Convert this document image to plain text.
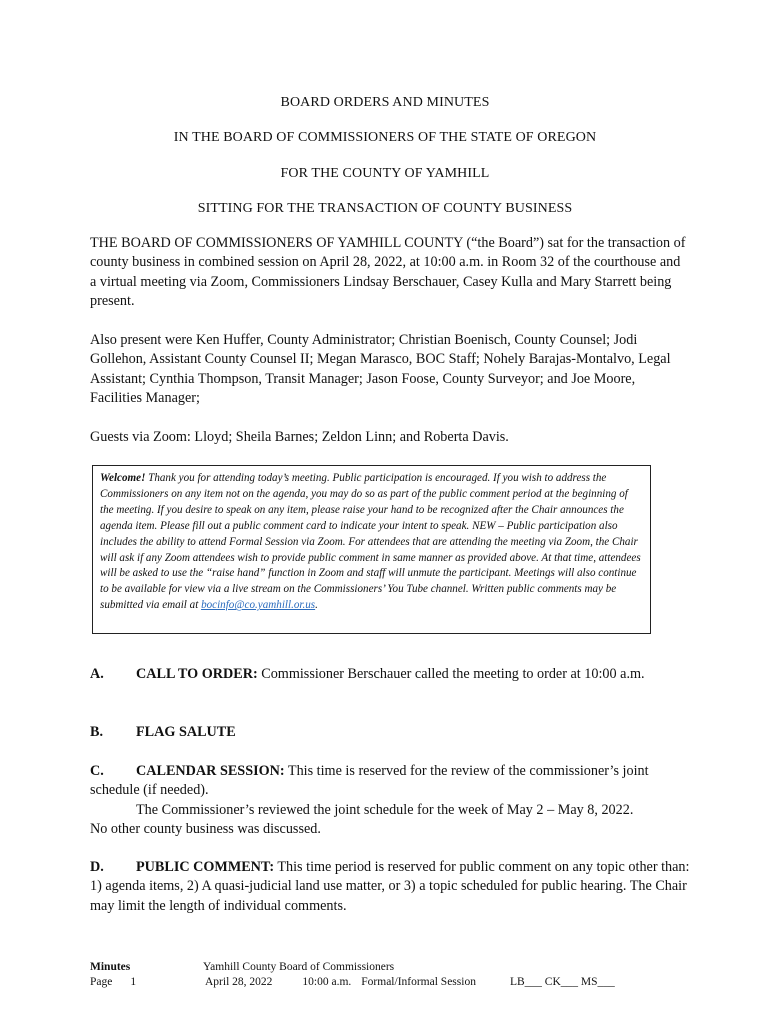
BOARD ORDERS AND MINUTES
IN THE BOARD OF COMMISSIONERS OF THE STATE OF OREGON
FOR THE COUNTY OF YAMHILL
SITTING FOR THE TRANSACTION OF COUNTY BUSINESS

THE BOARD OF COMMISSIONERS OF YAMHILL COUNTY (“the Board”) sat for the transaction of county business in combined session on April 28, 2022, at 10:00 a.m. in Room 32 of the courthouse and a virtual meeting via Zoom, Commissioners Lindsay Berschauer, Casey Kulla and Mary Starrett being present.

Also present were Ken Huffer, County Administrator; Christian Boenisch, County Counsel; Jodi Gollehon, Assistant County Counsel II; Megan Marasco, BOC Staff; Nohely Barajas-Montalvo, Legal Assistant; Cynthia Thompson, Transit Manager; Jason Foose, County Surveyor; and Joe Moore, Facilities Manager;

Guests via Zoom: Lloyd; Sheila Barnes; Zeldon Linn; and Roberta Davis.

Welcome! Thank you for attending today’s meeting. Public participation is encouraged. If you wish to address the Commissioners on any item not on the agenda, you may do so as part of the public comment period at the beginning of the meeting. If you desire to speak on any item, please raise your hand to be recognized after the Chair announces the agenda item. Please fill out a public comment card to indicate your intent to speak. NEW – Public participation also includes the ability to attend Formal Session via Zoom. For attendees that are attending the meeting via Zoom, the Chair will ask if any Zoom attendees wish to provide public comment in same manner as provided above. At that time, attendees will be asked to use the “raise hand” function in Zoom and staff will unmute the participant. Meetings will also continue to be available for view via a live stream on the Commissioners’ You Tube channel. Written public comments may be submitted via email at bocinfo@co.yamhill.or.us.
A. CALL TO ORDER: Commissioner Berschauer called the meeting to order at 10:00 a.m.
B. FLAG SALUTE
C. CALENDAR SESSION: This time is reserved for the review of the commissioner’s joint schedule (if needed).
The Commissioner’s reviewed the joint schedule for the week of May 2 – May 8, 2022.
No other county business was discussed.
D. PUBLIC COMMENT: This time period is reserved for public comment on any topic other than: 1) agenda items, 2) A quasi-judicial land use matter, or 3) a topic scheduled for public hearing. The Chair may limit the length of individual comments.
Minutes
Page 1
Yamhill County Board of Commissioners
April 28, 2022	10:00 a.m. Formal/Informal Session	LB___ CK___ MS___
